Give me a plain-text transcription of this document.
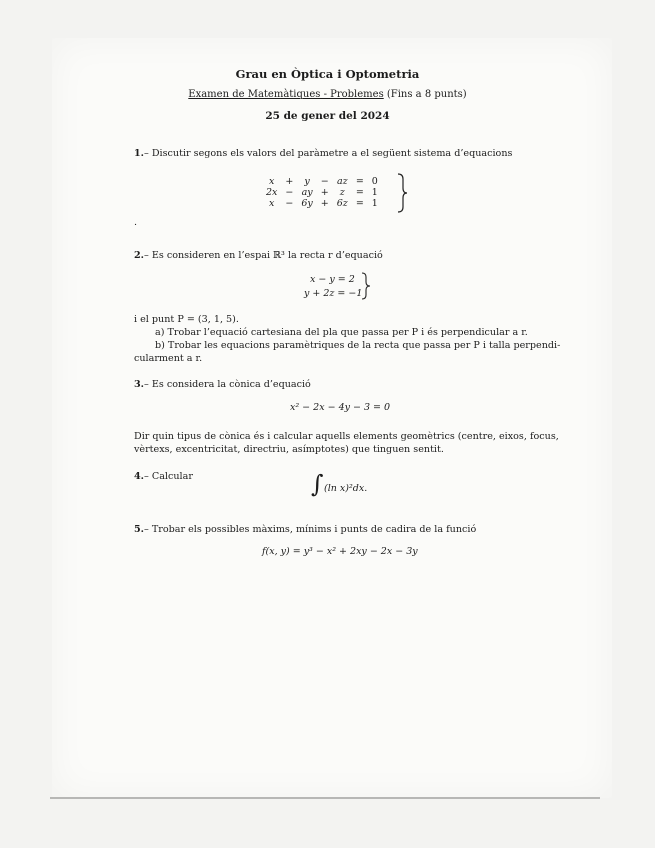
Grau en Òptica i Optometria
Examen de Matemàtiques - Problemes (Fins a 8 punts)
25 de gener del 2024
1.– Discutir segons els valors del paràmetre a el següent sistema d’equacions
x	+	y	−	az	=	0
2x	−	ay	+	z	=	1
x	−	6y	+	6z	=	1
.
2.– Es consideren en l’espai ℝ³ la recta r d’equació
x − y = 2
y + 2z = −1
i el punt P = (3, 1, 5).
a) Trobar l’equació cartesiana del pla que passa per P i és perpendicular a r.
b) Trobar les equacions paramètriques de la recta que passa per P i talla perpendi-
cularment a r.
3.– Es considera la cònica d’equació
x² − 2x − 4y − 3 = 0
Dir quin tipus de cònica és i calcular aquells elements geomètrics (centre, eixos, focus,
vèrtexs, excentricitat, directriu, asímptotes) que tinguen sentit.
4.– Calcular	∫ (ln x)²dx.
5.– Trobar els possibles màxims, mínims i punts de cadira de la funció
f(x, y) = y³ − x² + 2xy − 2x − 3y
